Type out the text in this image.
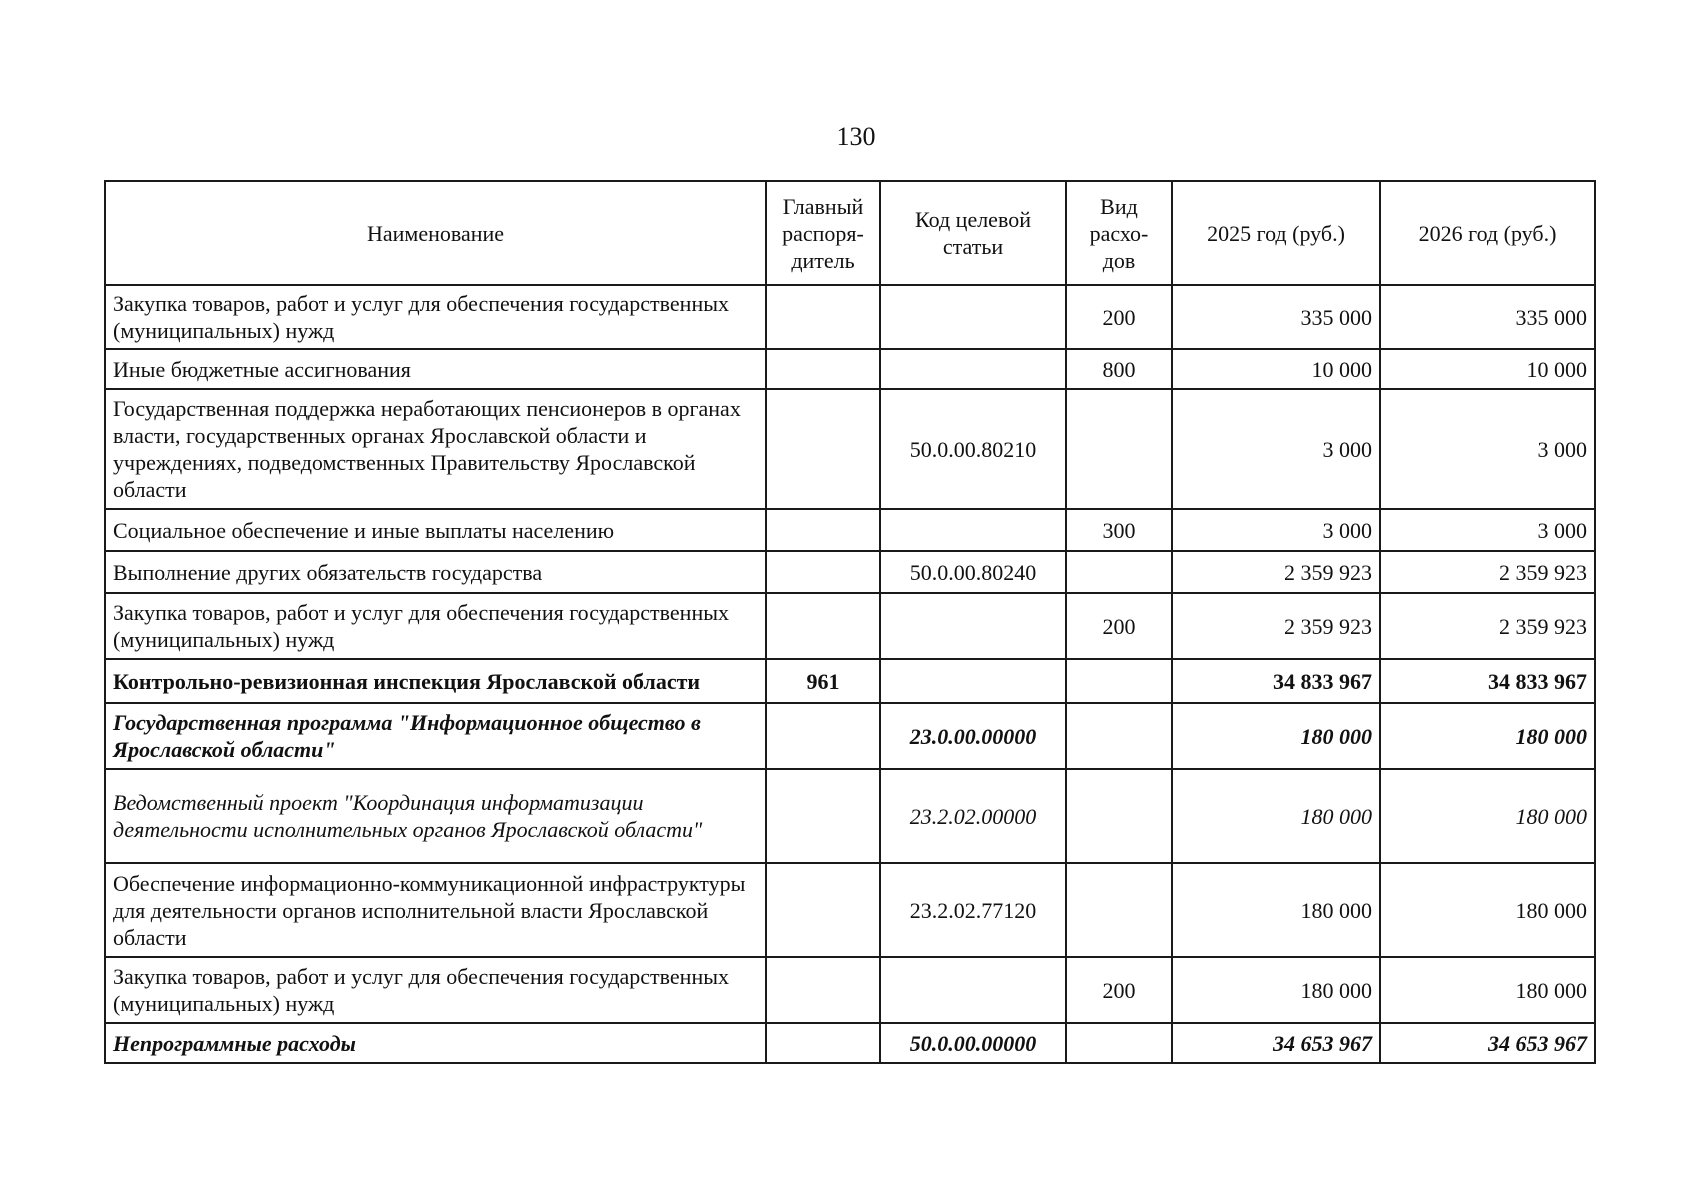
130
Наименование	Главный распоря-дитель	Код целевой статьи	Вид расхо-дов	2025 год (руб.)	2026 год (руб.)
Закупка товаров, работ и услуг для обеспечения государственных (муниципальных) нужд			200	335 000	335 000
Иные бюджетные ассигнования			800	10 000	10 000
Государственная поддержка неработающих пенсионеров в органах власти, государственных органах Ярославской области и учреждениях, подведомственных Правительству Ярославской области		50.0.00.80210		3 000	3 000
Социальное обеспечение и иные выплаты населению			300	3 000	3 000
Выполнение других обязательств государства		50.0.00.80240		2 359 923	2 359 923
Закупка товаров, работ и услуг для обеспечения государственных (муниципальных) нужд			200	2 359 923	2 359 923
Контрольно-ревизионная инспекция Ярославской области	961			34 833 967	34 833 967
Государственная программа "Информационное общество в Ярославской области"		23.0.00.00000		180 000	180 000
Ведомственный проект "Координация информатизации деятельности исполнительных органов Ярославской области"		23.2.02.00000		180 000	180 000
Обеспечение информационно-коммуникационной инфраструктуры для деятельности органов исполнительной власти Ярославской области		23.2.02.77120		180 000	180 000
Закупка товаров, работ и услуг для обеспечения государственных (муниципальных) нужд			200	180 000	180 000
Непрограммные расходы		50.0.00.00000		34 653 967	34 653 967
